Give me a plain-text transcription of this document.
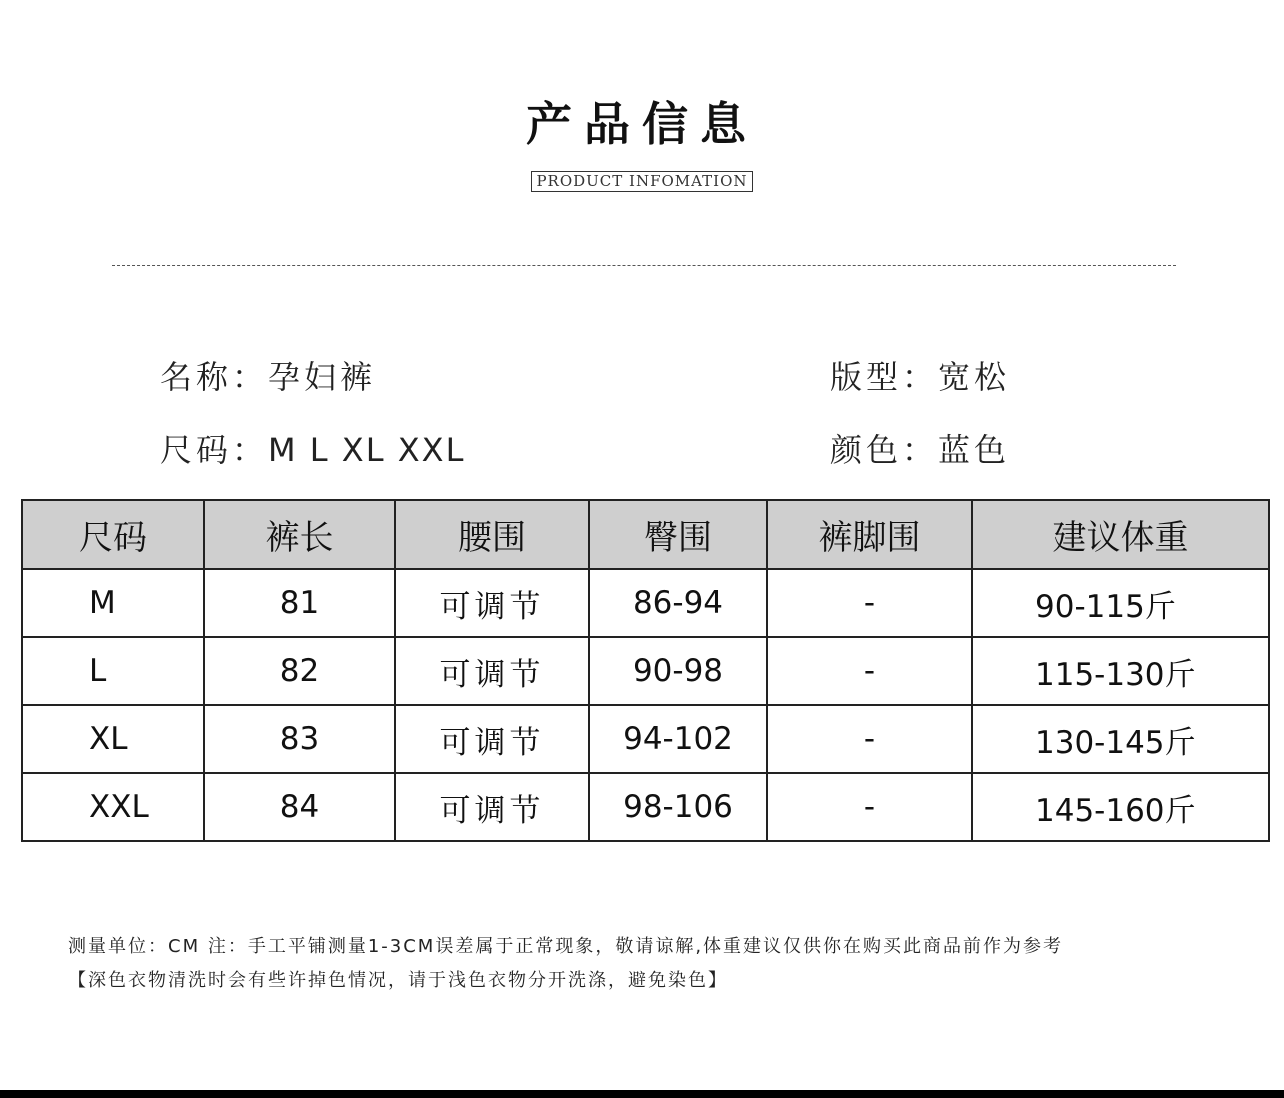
产品信息
PRODUCT INFOMATION
名称：孕妇裤	版型：宽松
尺码：M L XL XXL	颜色：蓝色
尺码	裤长	腰围	臀围	裤脚围	建议体重
M	81	可调节	86-94	-	90-115斤
L	82	可调节	90-98	-	115-130斤
XL	83	可调节	94-102	-	130-145斤
XXL	84	可调节	98-106	-	145-160斤
测量单位：CM 注：手工平铺测量1-3CM误差属于正常现象，敬请谅解,体重建议仅供你在购买此商品前作为参考
【深色衣物清洗时会有些许掉色情况，请于浅色衣物分开洗涤，避免染色】
